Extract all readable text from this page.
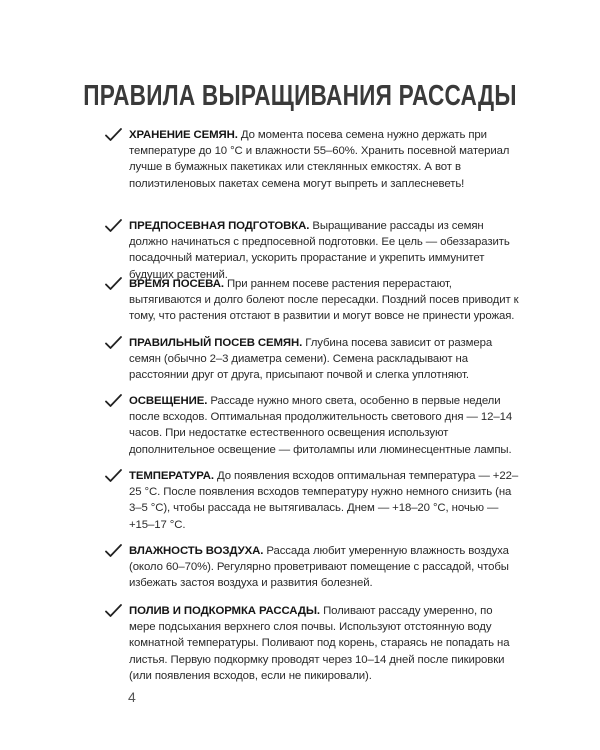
ПРАВИЛА ВЫРАЩИВАНИЯ РАССАДЫ

ХРАНЕНИЕ СЕМЯН. До момента посева семена нужно держать при температуре до 10 °С и влажности 55–60%. Хранить посевной материал лучше в бумажных пакетиках или стеклянных емкостях. А вот в полиэтиленовых пакетах семена могут выпреть и заплесневеть!

ПРЕДПОСЕВНАЯ ПОДГОТОВКА. Выращивание рассады из семян должно начинаться с предпосевной подготовки. Ее цель — обеззаразить посадочный материал, ускорить прорастание и укрепить иммунитет будущих растений.

ВРЕМЯ ПОСЕВА. При раннем посеве растения перерастают, вытягиваются и долго болеют после пересадки. Поздний посев приводит к тому, что растения отстают в развитии и могут вовсе не принести урожая.

ПРАВИЛЬНЫЙ ПОСЕВ СЕМЯН. Глубина посева зависит от размера семян (обычно 2–3 диаметра семени). Семена раскладывают на расстоянии друг от друга, присыпают почвой и слегка уплотняют.

ОСВЕЩЕНИЕ. Рассаде нужно много света, особенно в первые недели после всходов. Оптимальная продолжительность светового дня — 12–14 часов. При недостатке естественного освещения используют дополнительное освещение — фитолампы или люминесцентные лампы.

ТЕМПЕРАТУРА. До появления всходов оптимальная температура — +22–25 °С. После появления всходов температуру нужно немного снизить (на 3–5 °С), чтобы рассада не вытягивалась. Днем — +18–20 °С, ночью — +15–17 °С.

ВЛАЖНОСТЬ ВОЗДУХА. Рассада любит умеренную влажность воздуха (около 60–70%). Регулярно проветривают помещение с рассадой, чтобы избежать застоя воздуха и развития болезней.

ПОЛИВ И ПОДКОРМКА РАССАДЫ. Поливают рассаду умеренно, по мере подсыхания верхнего слоя почвы. Используют отстоянную воду комнатной температуры. Поливают под корень, стараясь не попадать на листья. Первую подкормку проводят через 10–14 дней после пикировки (или появления всходов, если не пикировали).

4
